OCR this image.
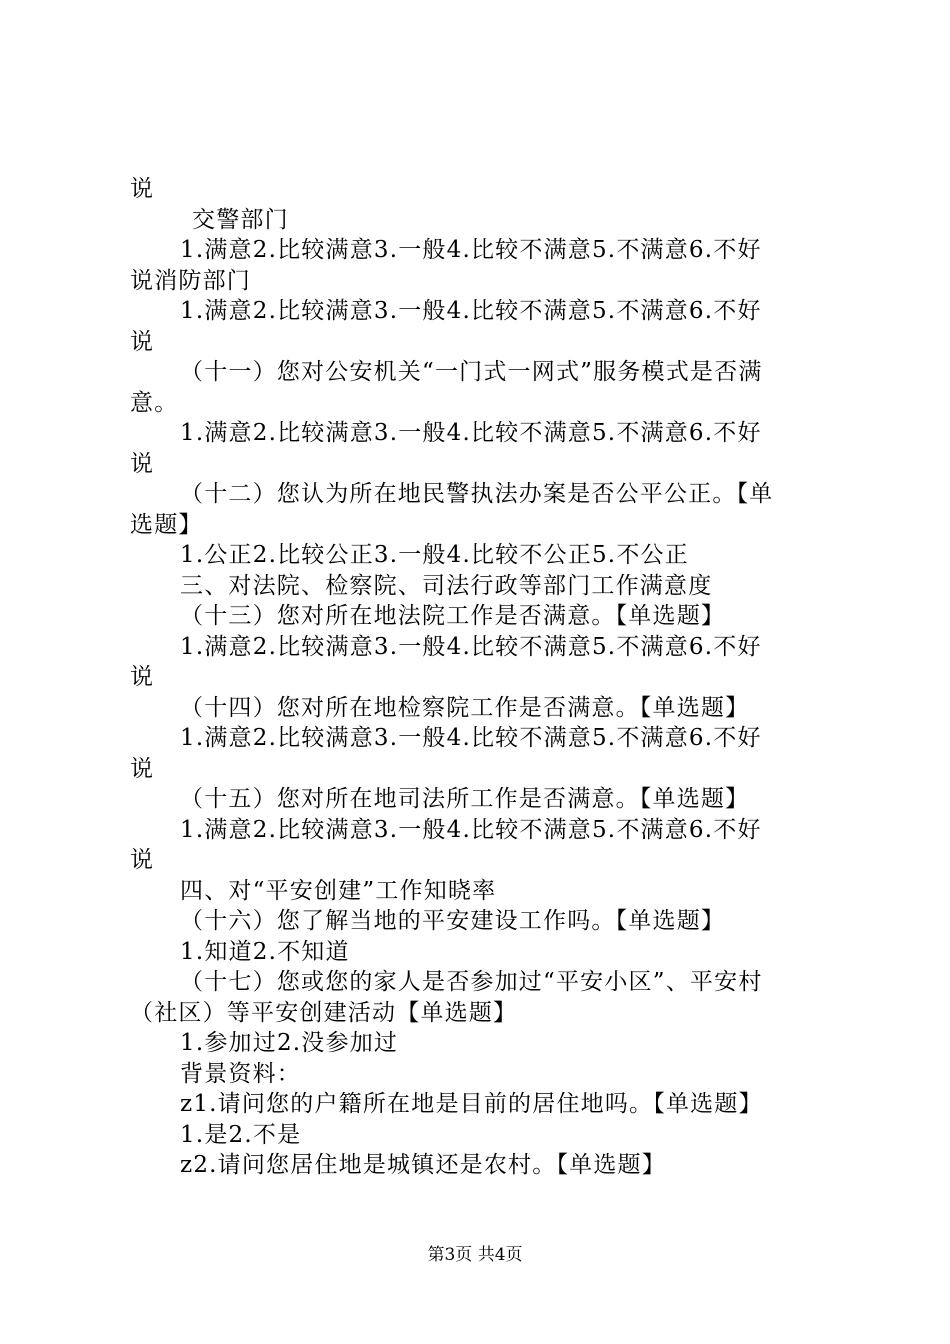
说
交警部门
1.满意2.比较满意3.一般4.比较不满意5.不满意6.不好
说消防部门
1.满意2.比较满意3.一般4.比较不满意5.不满意6.不好
说
（十一）您对公安机关“一门式一网式”服务模式是否满
意。
1.满意2.比较满意3.一般4.比较不满意5.不满意6.不好
说
（十二）您认为所在地民警执法办案是否公平公正。【单
选题】
1.公正2.比较公正3.一般4.比较不公正5.不公正
三、对法院、检察院、司法行政等部门工作满意度
（十三）您对所在地法院工作是否满意。【单选题】
1.满意2.比较满意3.一般4.比较不满意5.不满意6.不好
说
（十四）您对所在地检察院工作是否满意。【单选题】
1.满意2.比较满意3.一般4.比较不满意5.不满意6.不好
说
（十五）您对所在地司法所工作是否满意。【单选题】
1.满意2.比较满意3.一般4.比较不满意5.不满意6.不好
说
四、对“平安创建”工作知晓率
（十六）您了解当地的平安建设工作吗。【单选题】
1.知道2.不知道
（十七）您或您的家人是否参加过“平安小区”、平安村
（社区）等平安创建活动【单选题】
1.参加过2.没参加过
背景资料：
z1.请问您的户籍所在地是目前的居住地吗。【单选题】
1.是2.不是
z2.请问您居住地是城镇还是农村。【单选题】
第3页 共4页
